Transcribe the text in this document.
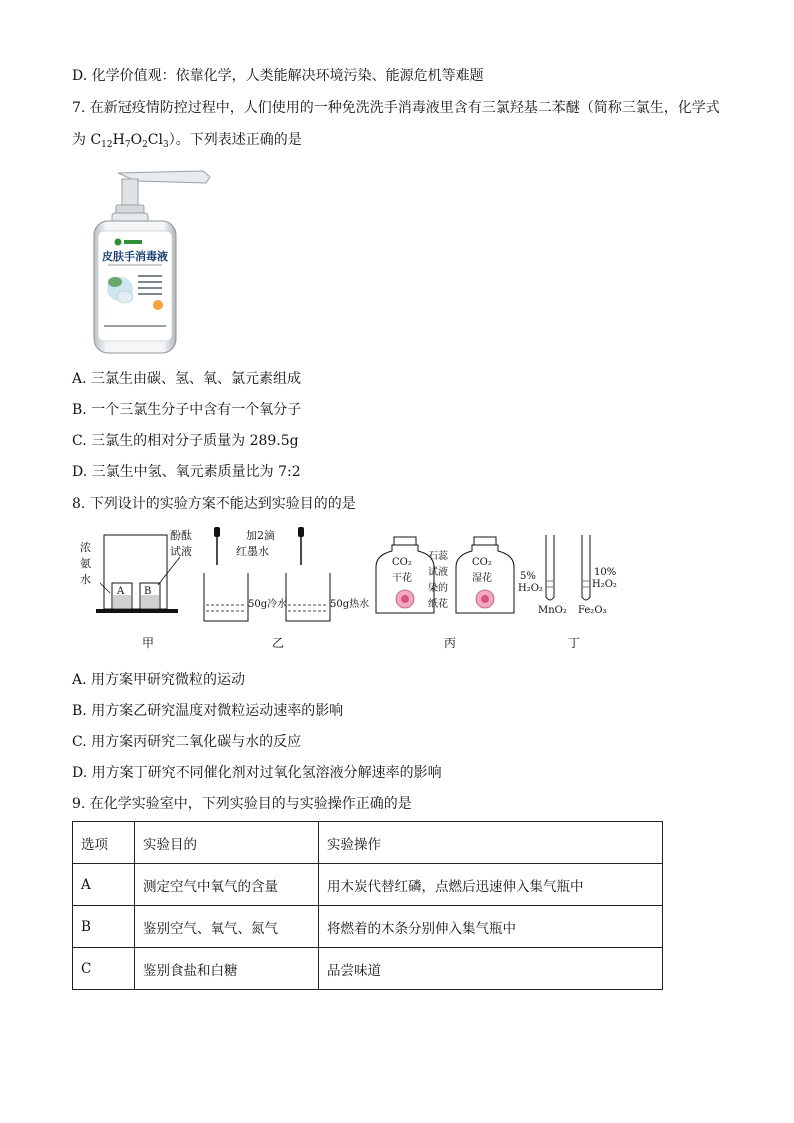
D. 化学价值观：依靠化学，人类能解决环境污染、能源危机等难题
7. 在新冠疫情防控过程中，人们使用的一种免洗洗手消毒液里含有三氯羟基二苯醚（简称三氯生，化学式
为 $C_{12}H_7O_2Cl_3$）。下列表述正确的是
皮肤手消毒液
A. 三氯生由碳、氢、氧、氯元素组成
B. 一个三氯生分子中含有一个氧分子
C. 三氯生的相对分子质量为 289.5g
D. 三氯生中氢、氧元素质量比为 7:2
8. 下列设计的实验方案不能达到实验目的的是
浓
氨
水
A B
酚酞
试液
甲
加2滴
红墨水
50g冷水	50g热水
乙
CO₂
干花
石蕊
试液
染的
纸花
CO₂
湿花
丙
5%
H₂O₂
MnO₂
10%
H₂O₂
Fe₂O₃
丁
A. 用方案甲研究微粒的运动
B. 用方案乙研究温度对微粒运动速率的影响
C. 用方案丙研究二氧化碳与水的反应
D. 用方案丁研究不同催化剂对过氧化氢溶液分解速率的影响
9. 在化学实验室中，下列实验目的与实验操作正确的是
选项	实验目的	实验操作
A	测定空气中氧气的含量	用木炭代替红磷，点燃后迅速伸入集气瓶中
B	鉴别空气、氧气、氮气	将燃着的木条分别伸入集气瓶中
C	鉴别食盐和白糖	品尝味道
